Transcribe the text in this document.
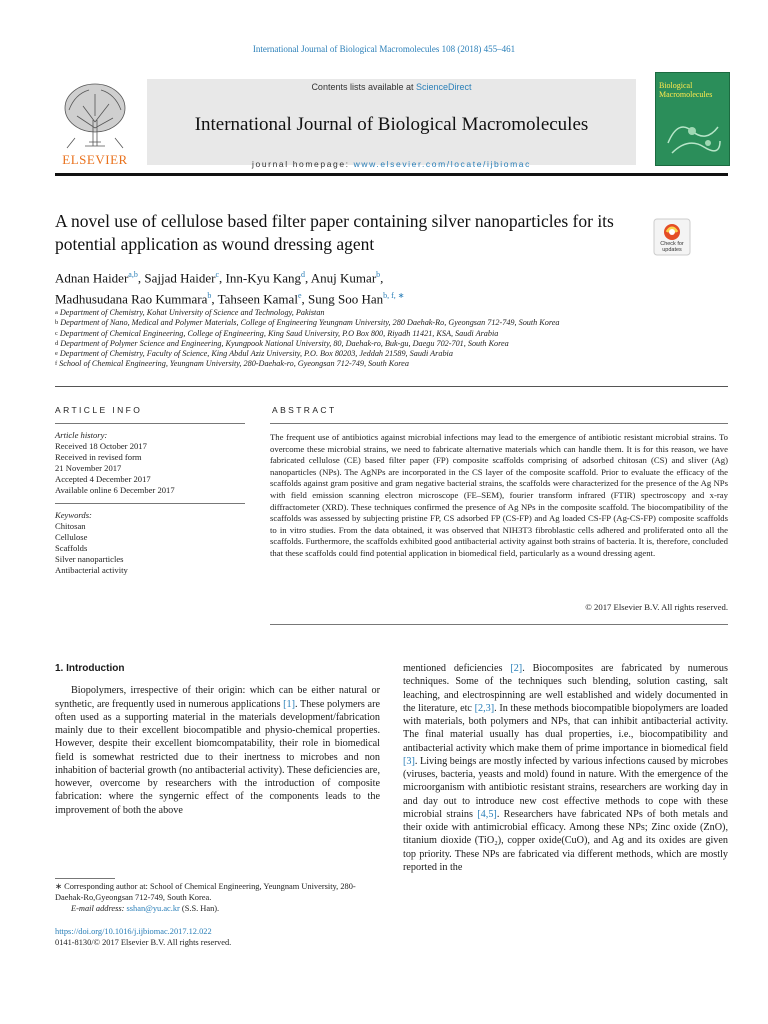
International Journal of Biological Macromolecules 108 (2018) 455–461
ELSEVIER
Contents lists available at ScienceDirect
International Journal of Biological Macromolecules
journal homepage: www.elsevier.com/locate/ijbiomac
Biological Macromolecules
A novel use of cellulose based filter paper containing silver nanoparticles for its potential application as wound dressing agent	Check for updates
Adnan Haider$^{a,b}$, Sajjad Haider$^c$, Inn-Kyu Kang$^d$, Anuj Kumar$^b$,
Madhusudana Rao Kummara$^b$, Tahseen Kamal$^e$, Sung Soo Han$^{b, f, ∗}$
$^a$ Department of Chemistry, Kohat University of Science and Technology, Pakistan
$^b$ Department of Nano, Medical and Polymer Materials, College of Engineering Yeungnam University, 280 Daehak-Ro, Gyeongsan 712-749, South Korea
$^c$ Department of Chemical Engineering, College of Engineering, King Saud University, P.O Box 800, Riyadh 11421, KSA, Saudi Arabia
$^d$ Department of Polymer Science and Engineering, Kyungpook National University, 80, Daehak-ro, Buk-gu, Daegu 702-701, South Korea
$^e$ Department of Chemistry, Faculty of Science, King Abdul Aziz University, P.O. Box 80203, Jeddah 21589, Saudi Arabia
$^f$ School of Chemical Engineering, Yeungnam University, 280-Daehak-ro, Gyeongsan 712-749, South Korea
ARTICLE INFO	ABSTRACT
Article history:
Received 18 October 2017
Received in revised form
21 November 2017
Accepted 4 December 2017
Available online 6 December 2017
Keywords:
Chitosan
Cellulose
Scaffolds
Silver nanoparticles
Antibacterial activity
The frequent use of antibiotics against microbial infections may lead to the emergence of antibiotic resistant microbial strains. To overcome these microbial strains, we need to fabricate alternative materials which can handle them. It is for this reason, we have fabricated cellulose (CE) based filter paper (FP) composite scaffolds comprising of adsorbed chitosan (CS) and sliver (Ag) nanoparticles (NPs). The AgNPs are incorporated in the CS layer of the composite scaffold. Prior to evaluate the efficacy of the scaffolds against gram positive and gram negative bacterial strains, the scaffolds were characterized for the presence of the Ag NPs with field emission scanning electron microscope (FE–SEM), fourier transform infrared (FTIR) spectroscopy and x-ray diffractometer (XRD). These techniques confirmed the presence of Ag NPs in the composite scaffold. The biocompatibility of the scaffolds was assessed by subjecting pristine FP, CS adsorbed FP (CS-FP) and Ag loaded CS-FP (Ag-CS-FP) composite scaffolds to in vitro studies. From the data obtained, it was observed that NIH3T3 fibroblastic cells adhered and proliferated onto all the scaffolds. Furthermore, the scaffolds exhibited good antibacterial activity against both strains of bacteria. It is, therefore, concluded that these scaffolds could find potential application in biomedical field, particularly as a wound dressing agent.
© 2017 Elsevier B.V. All rights reserved.
1. Introduction

Biopolymers, irrespective of their origin: which can be either natural or synthetic, are frequently used in numerous applications [1]. These polymers are often used as a supporting material in the materials development/fabrication mainly due to their excellent biocompatible and physio-chemical properties. However, despite their excellent biomcompatability, their role in biomedical field is somewhat restricted due to their inertness to microbes and non inhabition of bacterial growth (no antibacterial activity). These deficiencies are, however, overcome by researchers with the introduction of composite fabrication: where the syngernic effect of the components leads to the improvement of both the above

mentioned deficiencies [2]. Biocomposites are fabricated by numerous techniques. Some of the techniques such blending, solution casting, salt leaching, and electrospinning are well established and widely documented in the literature, etc [2,3]. In these methods biocompatible biopolymers are loaded with materials, both polymers and NPs, that can inhibit antibacterial activity. The final material usually has dual properties, i.e., biocompatibility and antibacterial activity which make them of prime importance in biomedical field [3]. Living beings are mostly infected by various infections caused by microbes (viruses, bacteria, yeasts and mold) found in nature. With the emergence of the microorganism with antibiotic resistant strains, researchers are working day in and day out to introduce new cost effective methods to cope with these microbial strains [4,5]. Researchers have fabricated NPs of both metals and their oxide with antimicrobial efficacy. Among these NPs; Zinc oxide (ZnO), titanium dioxide (TiO₂), copper oxide(CuO), and Ag and its oxides are given top priority. These NPs are fabricated via different methods, which are mostly reported in the

∗ Corresponding author at: School of Chemical Engineering, Yeungnam University, 280-Daehak-Ro,Gyeongsan 712-749, South Korea.
E-mail address: sshan@yu.ac.kr (S.S. Han).
https://doi.org/10.1016/j.ijbiomac.2017.12.022
0141-8130/© 2017 Elsevier B.V. All rights reserved.
